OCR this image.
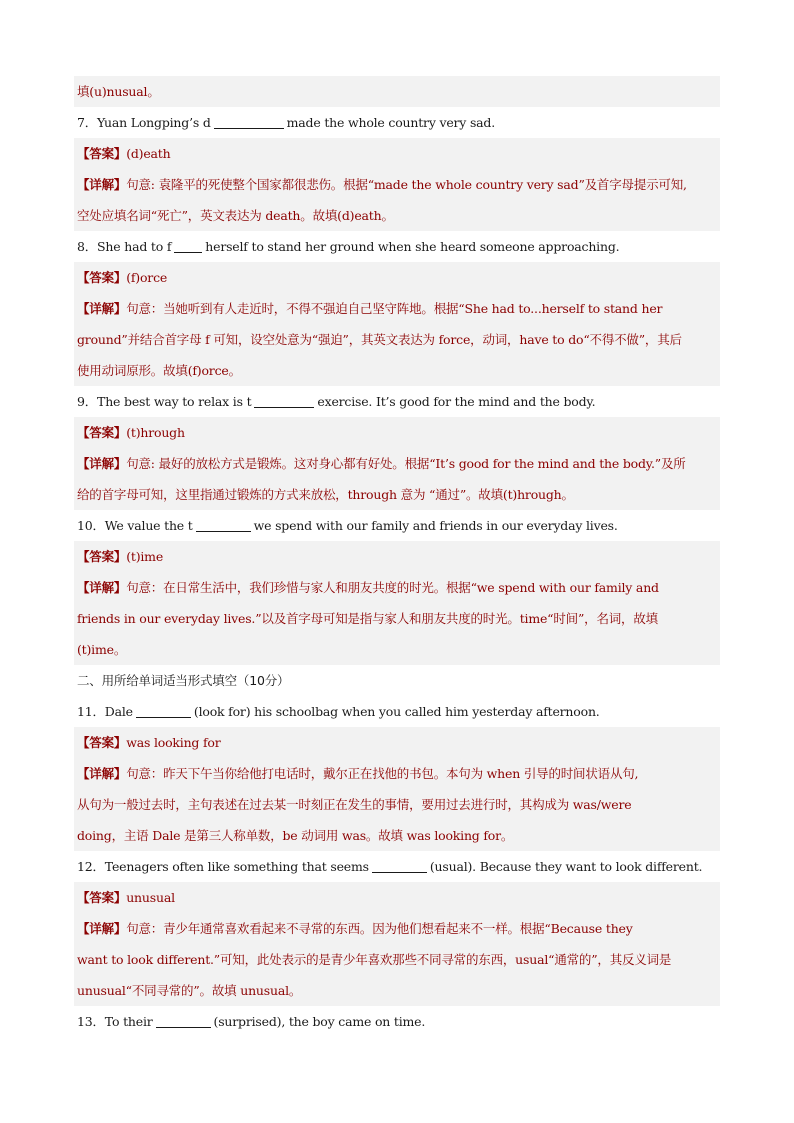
填(u)nusual。
7．Yuan Longping’s d	made the whole country very sad.
【答案】(d)eath
【详解】句意: 袁隆平的死使整个国家都很悲伤。根据“made the whole country very sad”及首字母提示可知,
空处应填名词“死亡”，英文表达为 death。故填(d)eath。
8．She had to f	herself to stand her ground when she heard someone approaching.
【答案】(f)orce
【详解】句意：当她听到有人走近时，不得不强迫自己坚守阵地。根据“She had to...herself to stand her
ground”并结合首字母 f 可知，设空处意为“强迫”，其英文表达为 force，动词，have to do“不得不做”，其后
使用动词原形。故填(f)orce。
9．The best way to relax is t	exercise. It’s good for the mind and the body.
【答案】(t)hrough
【详解】句意: 最好的放松方式是锻炼。这对身心都有好处。根据“It’s good for the mind and the body.”及所
给的首字母可知，这里指通过锻炼的方式来放松，through 意为 “通过”。故填(t)hrough。
10．We value the t	we spend with our family and friends in our everyday lives.
【答案】(t)ime
【详解】句意：在日常生活中，我们珍惜与家人和朋友共度的时光。根据“we spend with our family and
friends in our everyday lives.”以及首字母可知是指与家人和朋友共度的时光。time“时间”，名词，故填
(t)ime。
二、用所给单词适当形式填空（10分）
11．Dale	(look for) his schoolbag when you called him yesterday afternoon.
【答案】was looking for
【详解】句意：昨天下午当你给他打电话时，戴尔正在找他的书包。本句为 when 引导的时间状语从句,
从句为一般过去时，主句表述在过去某一时刻正在发生的事情，要用过去进行时，其构成为 was/were
doing，主语 Dale 是第三人称单数，be 动词用 was。故填 was looking for。
12．Teenagers often like something that seems	(usual). Because they want to look different.
【答案】unusual
【详解】句意：青少年通常喜欢看起来不寻常的东西。因为他们想看起来不一样。根据“Because they
want to look different.”可知，此处表示的是青少年喜欢那些不同寻常的东西，usual“通常的”，其反义词是
unusual“不同寻常的”。故填 unusual。
13．To their	(surprised), the boy came on time.
